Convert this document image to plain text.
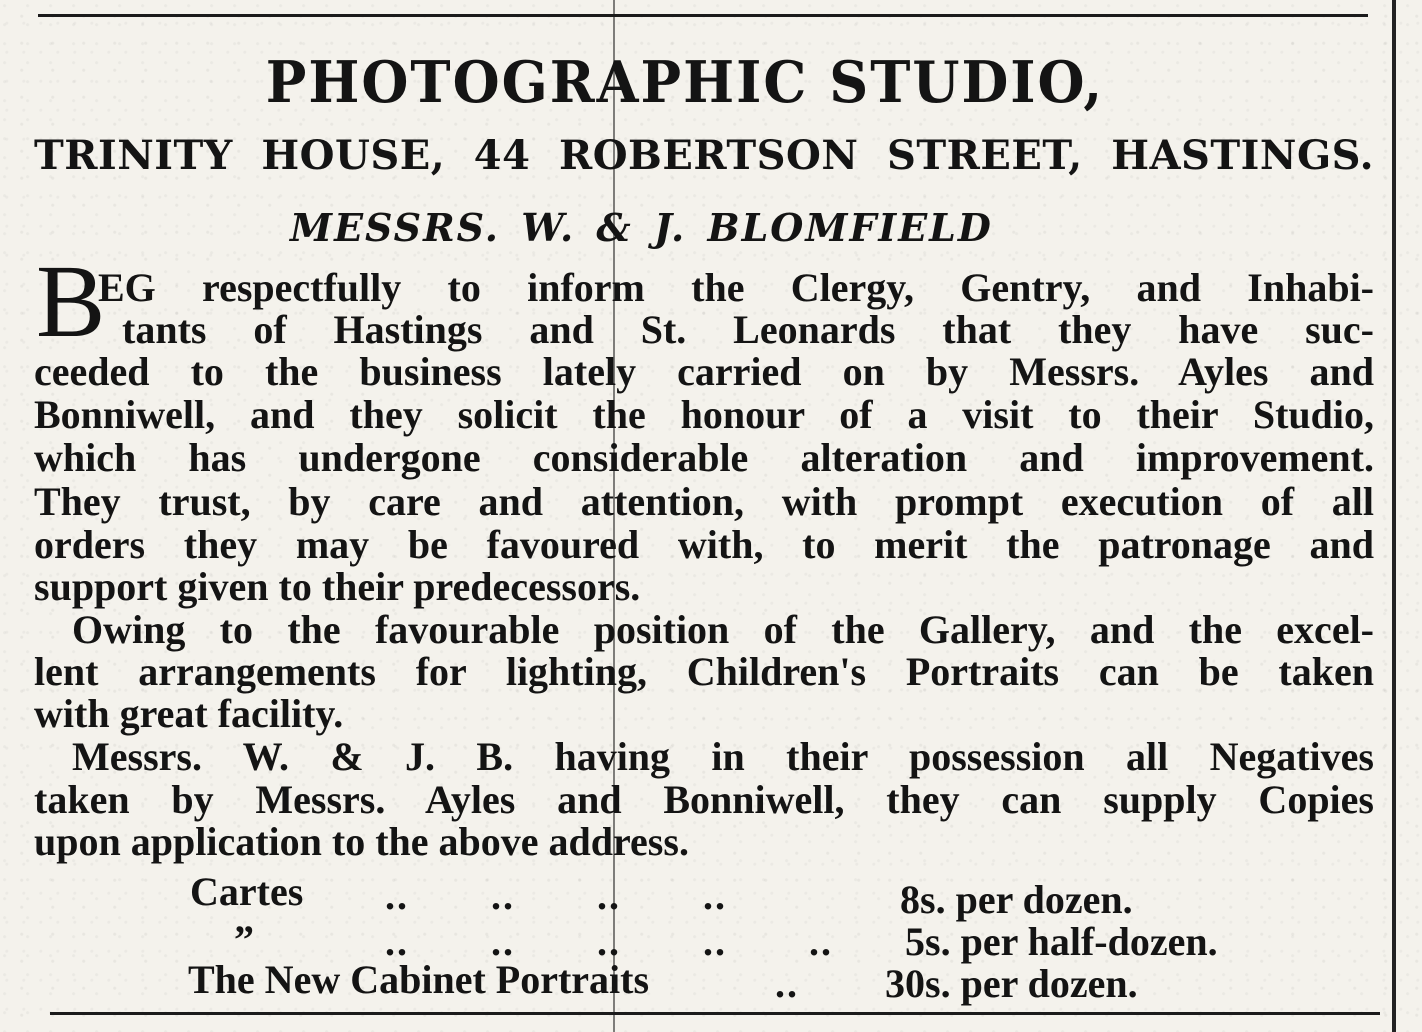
PHOTOGRAPHIC STUDIO,
TRINITY HOUSE, 44 ROBERTSON STREET, HASTINGS.
MESSRS. W. & J. BLOMFIELD
B
EG respectfully to inform the Clergy, Gentry, and Inhabi-
tants of Hastings and St. Leonards that they have suc-
ceeded to the business lately carried on by Messrs. Ayles and
Bonniwell, and they solicit the honour of a visit to their Studio,
which has undergone considerable alteration and improvement.
They trust, by care and attention, with prompt execution of all
orders they may be favoured with, to merit the patronage and
support given to their predecessors.
Owing to the favourable position of the Gallery, and the excel-
lent arrangements for lighting, Children's Portraits can be taken
with great facility.
Messrs. W. & J. B. having in their possession all Negatives
taken by Messrs. Ayles and Bonniwell, they can supply Copies
upon application to the above address.
Cartes .. .. .. ..	8s. per dozen.
”	.. .. .. .. .. 5s. per half-dozen.
The New Cabinet Portraits	.. 30s. per dozen.
